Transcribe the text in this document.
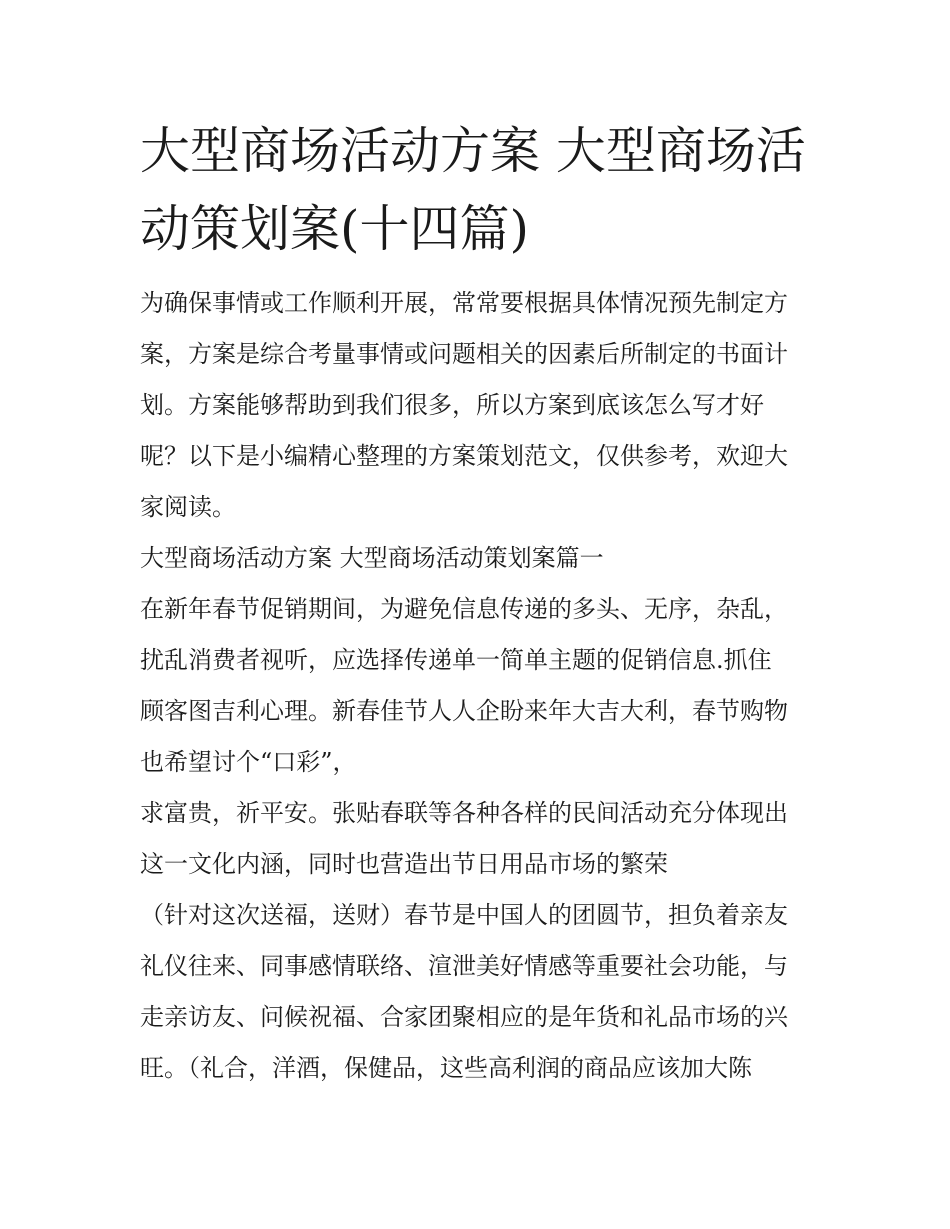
大型商场活动方案 大型商场活
动策划案(十四篇)

为确保事情或工作顺利开展，常常要根据具体情况预先制定方

案，方案是综合考量事情或问题相关的因素后所制定的书面计

划。方案能够帮助到我们很多，所以方案到底该怎么写才好

呢？以下是小编精心整理的方案策划范文，仅供参考，欢迎大

家阅读。

大型商场活动方案 大型商场活动策划案篇一

在新年春节促销期间，为避免信息传递的多头、无序，杂乱，

扰乱消费者视听，应选择传递单一简单主题的促销信息.抓住

顾客图吉利心理。新春佳节人人企盼来年大吉大利，春节购物

也希望讨个“口彩”，

求富贵，祈平安。张贴春联等各种各样的民间活动充分体现出

这一文化内涵，同时也营造出节日用品市场的繁荣

（针对这次送福，送财）春节是中国人的团圆节，担负着亲友

礼仪往来、同事感情联络、渲泄美好情感等重要社会功能，与

走亲访友、问候祝福、合家团聚相应的是年货和礼品市场的兴

旺。（礼合，洋酒，保健品，这些高利润的商品应该加大陈
